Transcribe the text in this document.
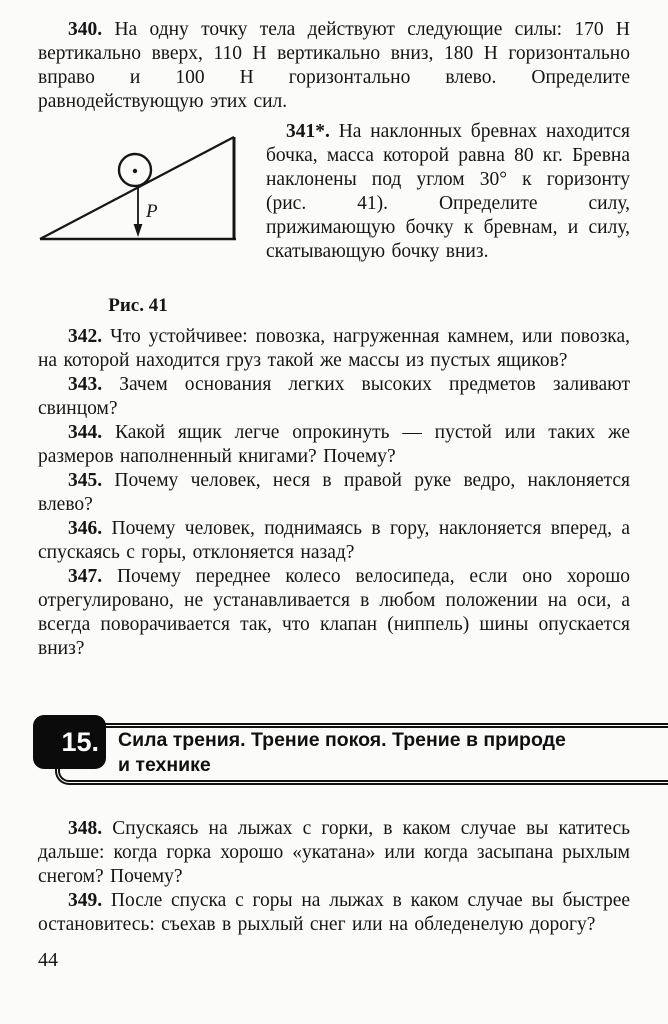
340. На одну точку тела действуют следующие силы: 170 Н вертикально вверх, 110 Н вертикально вниз, 180 Н горизонтально вправо и 100 Н горизонтально влево. Определите равнодействующую этих сил.

P
Рис. 41

341*. На наклонных бревнах находится бочка, масса которой равна 80 кг. Бревна наклонены под углом 30° к горизонту (рис. 41). Определите силу, прижимающую бочку к бревнам, и силу, скатывающую бочку вниз.

342. Что устойчивее: повозка, нагруженная камнем, или повозка, на которой находится груз такой же массы из пустых ящиков?

343. Зачем основания легких высоких предметов заливают свинцом?

344. Какой ящик легче опрокинуть — пустой или таких же размеров наполненный книгами? Почему?

345. Почему человек, неся в правой руке ведро, наклоняется влево?

346. Почему человек, поднимаясь в гору, наклоняется вперед, а спускаясь с горы, отклоняется назад?

347. Почему переднее колесо велосипеда, если оно хорошо отрегулировано, не устанавливается в любом положении на оси, а всегда поворачивается так, что клапан (ниппель) шины опускается вниз?

15. Сила трения. Трение покоя. Трение в природе
и технике

348. Спускаясь на лыжах с горки, в каком случае вы катитесь дальше: когда горка хорошо «укатана» или когда засыпана рыхлым снегом? Почему?

349. После спуска с горы на лыжах в каком случае вы быстрее остановитесь: съехав в рыхлый снег или на обледенелую дорогу?

44
